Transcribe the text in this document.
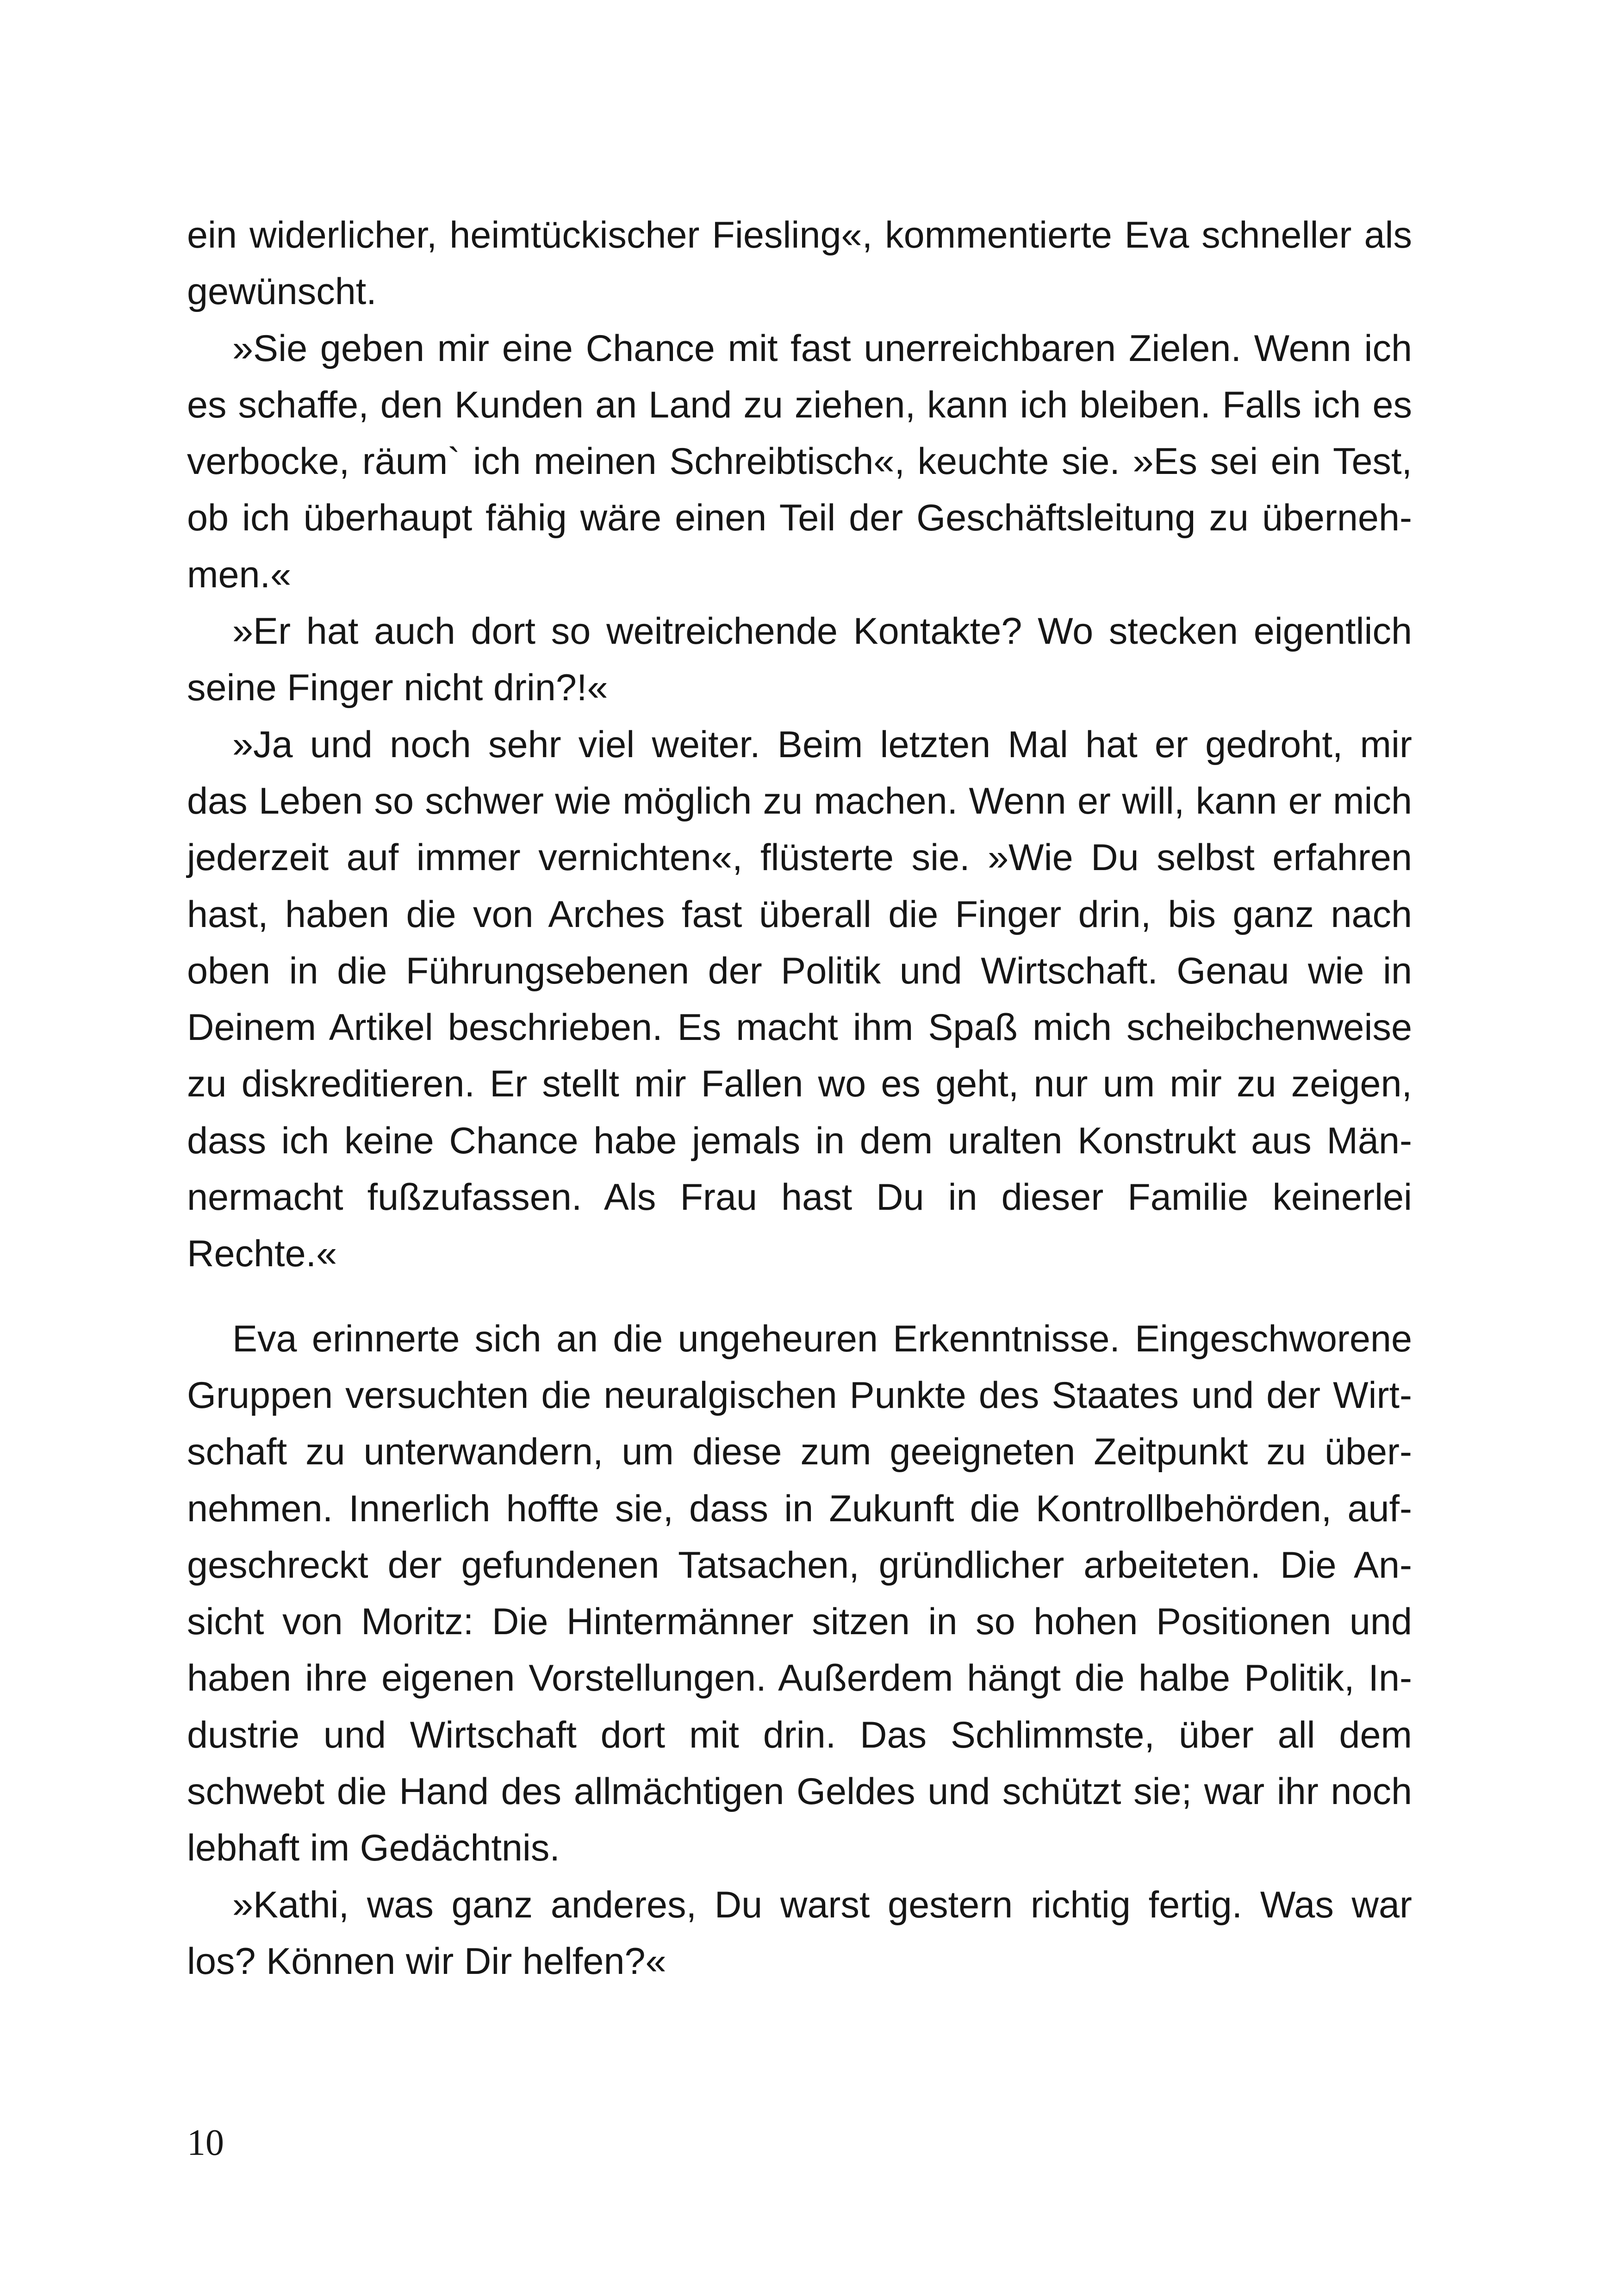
ein widerlicher, heimtückischer Fiesling«, kommentierte Eva schneller als
gewünscht.
»Sie geben mir eine Chance mit fast unerreichbaren Zielen. Wenn ich
es schaffe, den Kunden an Land zu ziehen, kann ich bleiben. Falls ich es
verbocke, räum` ich meinen Schreibtisch«, keuchte sie. »Es sei ein Test,
ob ich überhaupt fähig wäre einen Teil der Geschäftsleitung zu überneh-
men.«
»Er hat auch dort so weitreichende Kontakte? Wo stecken eigentlich
seine Finger nicht drin?!«
»Ja und noch sehr viel weiter. Beim letzten Mal hat er gedroht, mir
das Leben so schwer wie möglich zu machen. Wenn er will, kann er mich
jederzeit auf immer vernichten«, flüsterte sie. »Wie Du selbst erfahren
hast, haben die von Arches fast überall die Finger drin, bis ganz nach
oben in die Führungsebenen der Politik und Wirtschaft. Genau wie in
Deinem Artikel beschrieben. Es macht ihm Spaß mich scheibchenweise
zu diskreditieren. Er stellt mir Fallen wo es geht, nur um mir zu zeigen,
dass ich keine Chance habe jemals in dem uralten Konstrukt aus Män-
nermacht fußzufassen. Als Frau hast Du in dieser Familie keinerlei
Rechte.«
Eva erinnerte sich an die ungeheuren Erkenntnisse. Eingeschworene
Gruppen versuchten die neuralgischen Punkte des Staates und der Wirt-
schaft zu unterwandern, um diese zum geeigneten Zeitpunkt zu über-
nehmen. Innerlich hoffte sie, dass in Zukunft die Kontrollbehörden, auf-
geschreckt der gefundenen Tatsachen, gründlicher arbeiteten. Die An-
sicht von Moritz: Die Hintermänner sitzen in so hohen Positionen und
haben ihre eigenen Vorstellungen. Außerdem hängt die halbe Politik, In-
dustrie und Wirtschaft dort mit drin. Das Schlimmste, über all dem
schwebt die Hand des allmächtigen Geldes und schützt sie; war ihr noch
lebhaft im Gedächtnis.
»Kathi, was ganz anderes, Du warst gestern richtig fertig. Was war
los? Können wir Dir helfen?«
10
